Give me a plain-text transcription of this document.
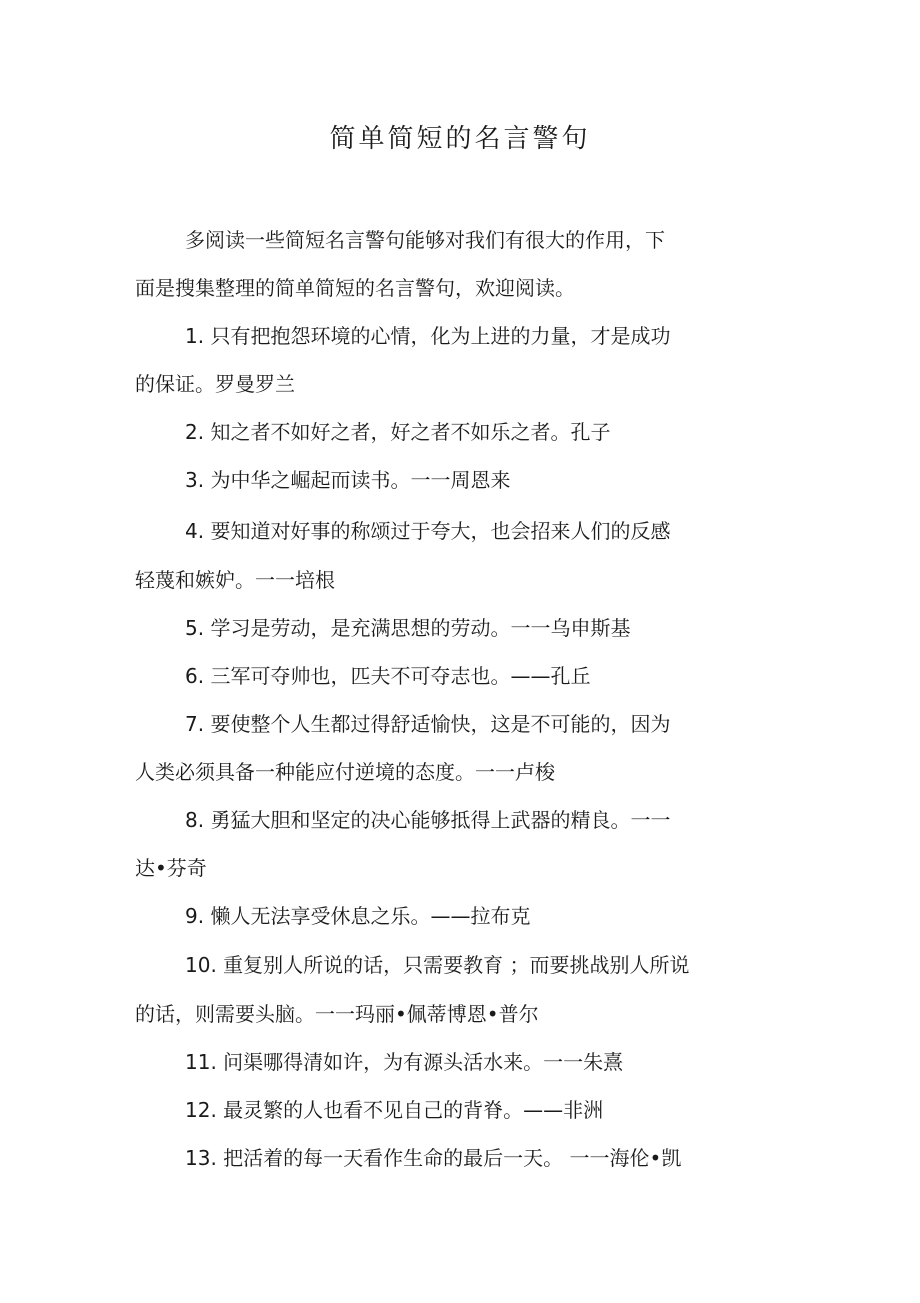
简单简短的名言警句
多阅读一些简短名言警句能够对我们有很大的作用，下
面是搜集整理的简单简短的名言警句，欢迎阅读。
1. 只有把抱怨环境的心情，化为上进的力量，才是成功
的保证。罗曼罗兰
2. 知之者不如好之者，好之者不如乐之者。孔子
3. 为中华之崛起而读书。一一周恩来
4. 要知道对好事的称颂过于夸大，也会招来人们的反感
轻蔑和嫉妒。一一培根
5. 学习是劳动，是充满思想的劳动。一一乌申斯基
6. 三军可夺帅也，匹夫不可夺志也。——孔丘
7. 要使整个人生都过得舒适愉快，这是不可能的，因为
人类必须具备一种能应付逆境的态度。一一卢梭
8. 勇猛大胆和坚定的决心能够抵得上武器的精良。一一
达•芬奇
9. 懒人无法享受休息之乐。——拉布克
10. 重复别人所说的话，只需要教育 ；而要挑战别人所说
的话，则需要头脑。一一玛丽•佩蒂博恩•普尔
11. 问渠哪得清如许，为有源头活水来。一一朱熹
12. 最灵繁的人也看不见自己的背脊。——非洲
13. 把活着的每一天看作生命的最后一天。 一一海伦•凯
